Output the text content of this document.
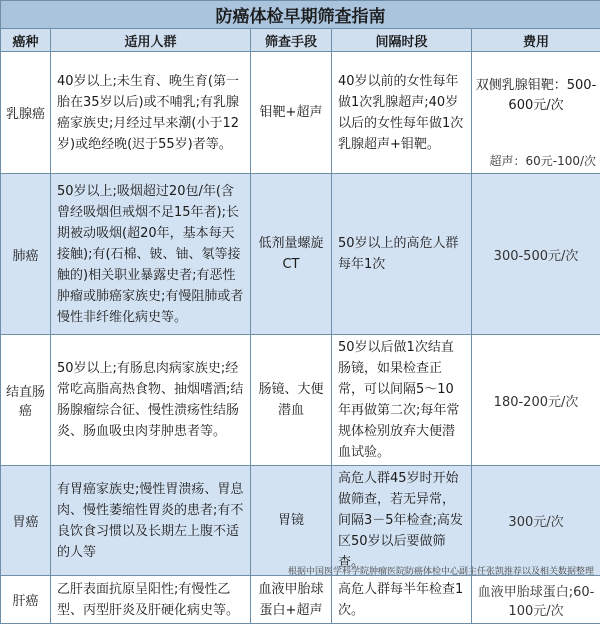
防癌体检早期筛查指南				
癌种	适用人群	筛查手段	间隔时段	费用
乳腺癌	40岁以上;未生育、晚生育(第一胎在35岁以后)或不哺乳;有乳腺癌家族史;月经过早来潮(小于12岁)或绝经晚(迟于55岁)者等。	钼靶+超声	40岁以前的女性每年做1次乳腺超声;40岁以后的女性每年做1次乳腺超声+钼靶。	双侧乳腺钼靶：500-600元/次
超声：60元-100/次

肺癌	50岁以上;吸烟超过20包/年(含曾经吸烟但戒烟不足15年者);长期被动吸烟(超20年，基本每天接触);有(石棉、铍、铀、氡等接触的)相关职业暴露史者;有恶性肿瘤或肺癌家族史;有慢阻肺或者慢性非纤维化病史等。	低剂量螺旋CT	50岁以上的高危人群每年1次	300-500元/次
结直肠癌	50岁以上;有肠息肉病家族史;经常吃高脂高热食物、抽烟嗜酒;结肠腺瘤综合征、慢性溃疡性结肠炎、肠血吸虫肉芽肿患者等。	肠镜、大便潜血	50岁以后做1次结直肠镜，如果检查正常，可以间隔5～10年再做第二次;每年常规体检别放弃大便潜血试验。	180-200元/次
胃癌	有胃癌家族史;慢性胃溃疡、胃息肉、慢性萎缩性胃炎的患者;有不良饮食习惯以及长期左上腹不适的人等	胃镜	高危人群45岁时开始做筛查，若无异常，间隔3－5年检查;高发区50岁以后要做筛查。	300元/次
肝癌	乙肝表面抗原呈阳性;有慢性乙型、丙型肝炎及肝硬化病史等。	血液甲胎球蛋白+超声	高危人群每半年检查1次。	血液甲胎球蛋白;60-100元/次
根据中国医学科学院肿瘤医院防癌体检中心副主任张凯推荐以及相关数据整理
